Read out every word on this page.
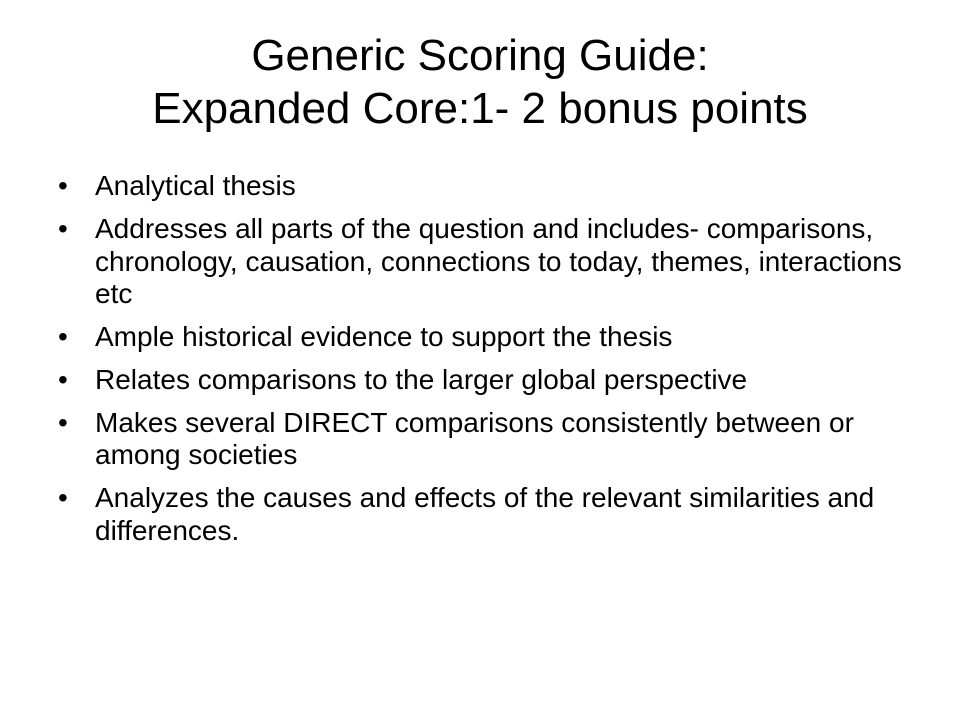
Generic Scoring Guide:
Expanded Core:1- 2 bonus points
• Analytical thesis
• Addresses all parts of the question and includes- comparisons, chronology, causation, connections to today, themes, interactions etc
• Ample historical evidence to support the thesis
• Relates comparisons to the larger global perspective
• Makes several DIRECT comparisons consistently between or among societies
• Analyzes the causes and effects of the relevant similarities and differences.
